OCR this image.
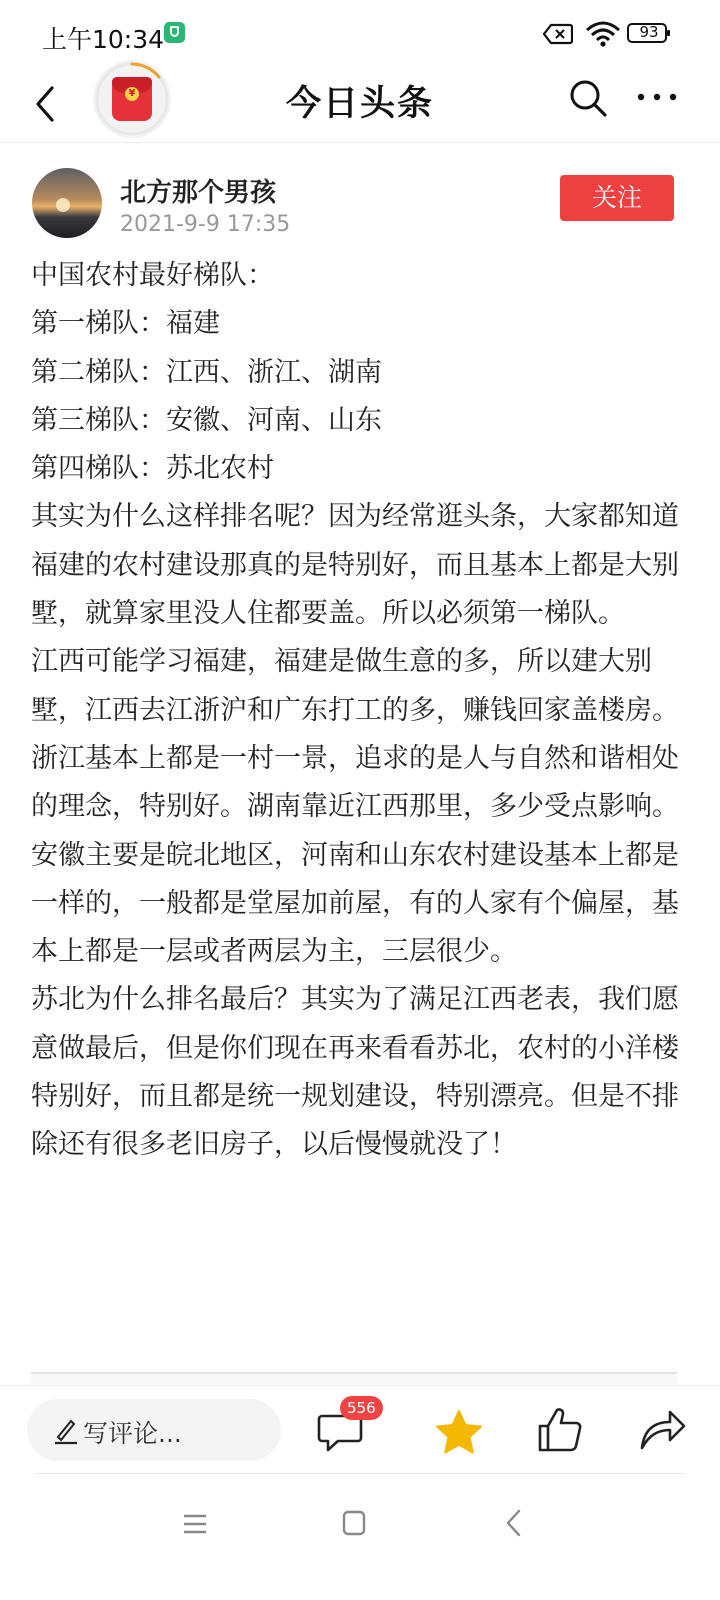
上午10:34	93
¥	今日头条
北方那个男孩
2021-9-9 17:35
关注

中国农村最好梯队：

第一梯队：福建

第二梯队：江西、浙江、湖南

第三梯队：安徽、河南、山东

第四梯队：苏北农村

其实为什么这样排名呢？因为经常逛头条，大家都知道福建的农村建设那真的是特别好，而且基本上都是大别墅，就算家里没人住都要盖。所以必须第一梯队。

江西可能学习福建，福建是做生意的多，所以建大别墅，江西去江浙沪和广东打工的多，赚钱回家盖楼房。浙江基本上都是一村一景，追求的是人与自然和谐相处的理念，特别好。湖南靠近江西那里，多少受点影响。

安徽主要是皖北地区，河南和山东农村建设基本上都是一样的，一般都是堂屋加前屋，有的人家有个偏屋，基本上都是一层或者两层为主，三层很少。

苏北为什么排名最后？其实为了满足江西老表，我们愿意做最后，但是你们现在再来看看苏北，农村的小洋楼特别好，而且都是统一规划建设，特别漂亮。但是不排除还有很多老旧房子，以后慢慢就没了！

写评论...
556
